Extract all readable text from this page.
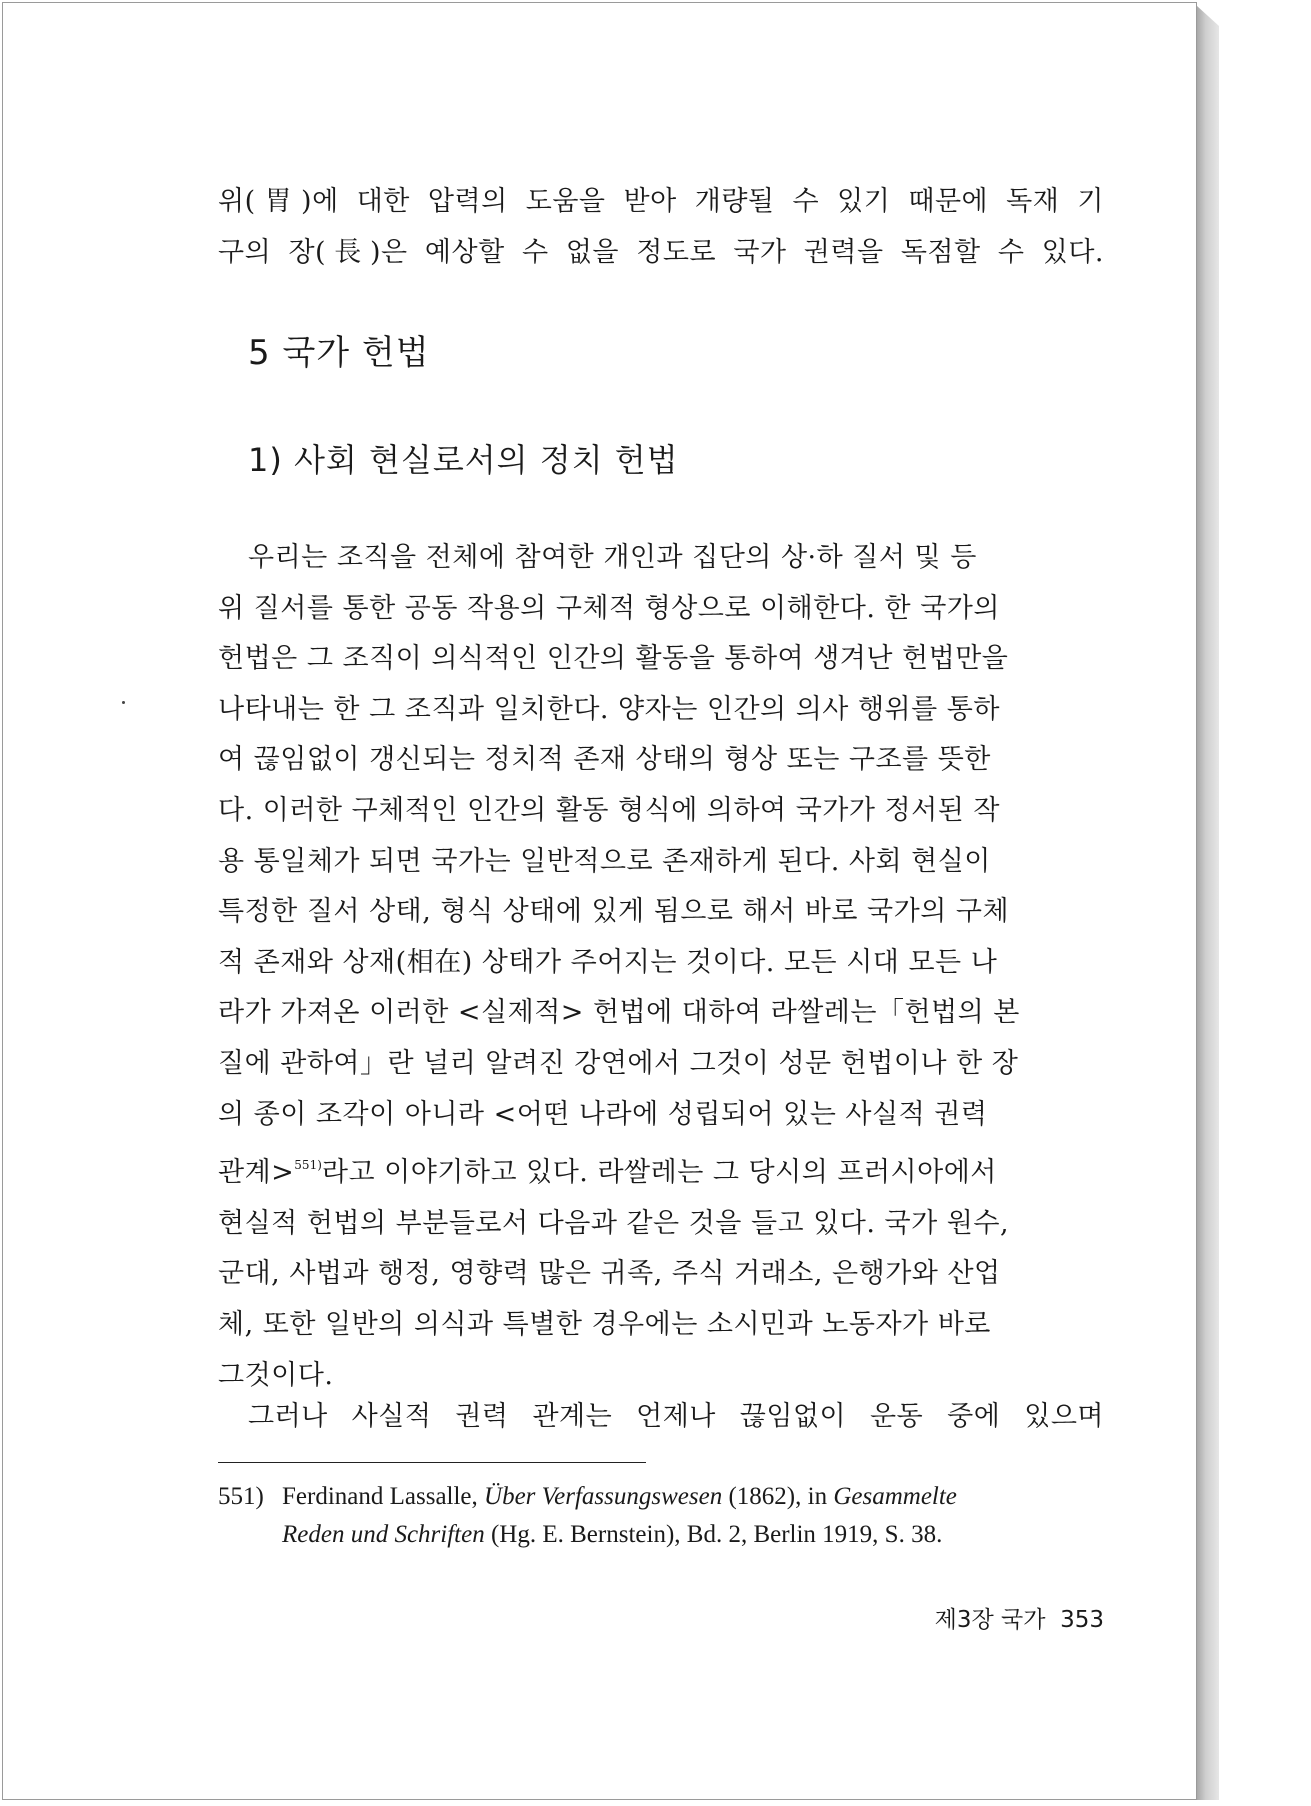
위(胃)에 대한 압력의 도움을 받아 개량될 수 있기 때문에 독재 기
구의 장(長)은 예상할 수 없을 정도로 국가 권력을 독점할 수 있다.

5 국가 헌법
1) 사회 현실로서의 정치 헌법

우리는 조직을 전체에 참여한 개인과 집단의 상·하 질서 및 등
위 질서를 통한 공동 작용의 구체적 형상으로 이해한다. 한 국가의
헌법은 그 조직이 의식적인 인간의 활동을 통하여 생겨난 헌법만을
나타내는 한 그 조직과 일치한다. 양자는 인간의 의사 행위를 통하
여 끊임없이 갱신되는 정치적 존재 상태의 형상 또는 구조를 뜻한
다. 이러한 구체적인 인간의 활동 형식에 의하여 국가가 정서된 작
용 통일체가 되면 국가는 일반적으로 존재하게 된다. 사회 현실이
특정한 질서 상태, 형식 상태에 있게 됨으로 해서 바로 국가의 구체
적 존재와 상재(相在) 상태가 주어지는 것이다. 모든 시대 모든 나
라가 가져온 이러한 <실제적> 헌법에 대하여 라쌀레는「헌법의 본
질에 관하여」란 널리 알려진 강연에서 그것이 성문 헌법이나 한 장
의 종이 조각이 아니라 <어떤 나라에 성립되어 있는 사실적 권력
관계>$^{551)}$라고 이야기하고 있다. 라쌀레는 그 당시의 프러시아에서
현실적 헌법의 부분들로서 다음과 같은 것을 들고 있다. 국가 원수,
군대, 사법과 행정, 영향력 많은 귀족, 주식 거래소, 은행가와 산업
체, 또한 일반의 의식과 특별한 경우에는 소시민과 노동자가 바로
그것이다.

그러나 사실적 권력 관계는 언제나 끊임없이 운동 중에 있으며

551) Ferdinand Lassalle, Über Verfassungswesen (1862), in Gesammelte
Reden und Schriften (Hg. E. Bernstein), Bd. 2, Berlin 1919, S. 38.
제3장 국가 353
